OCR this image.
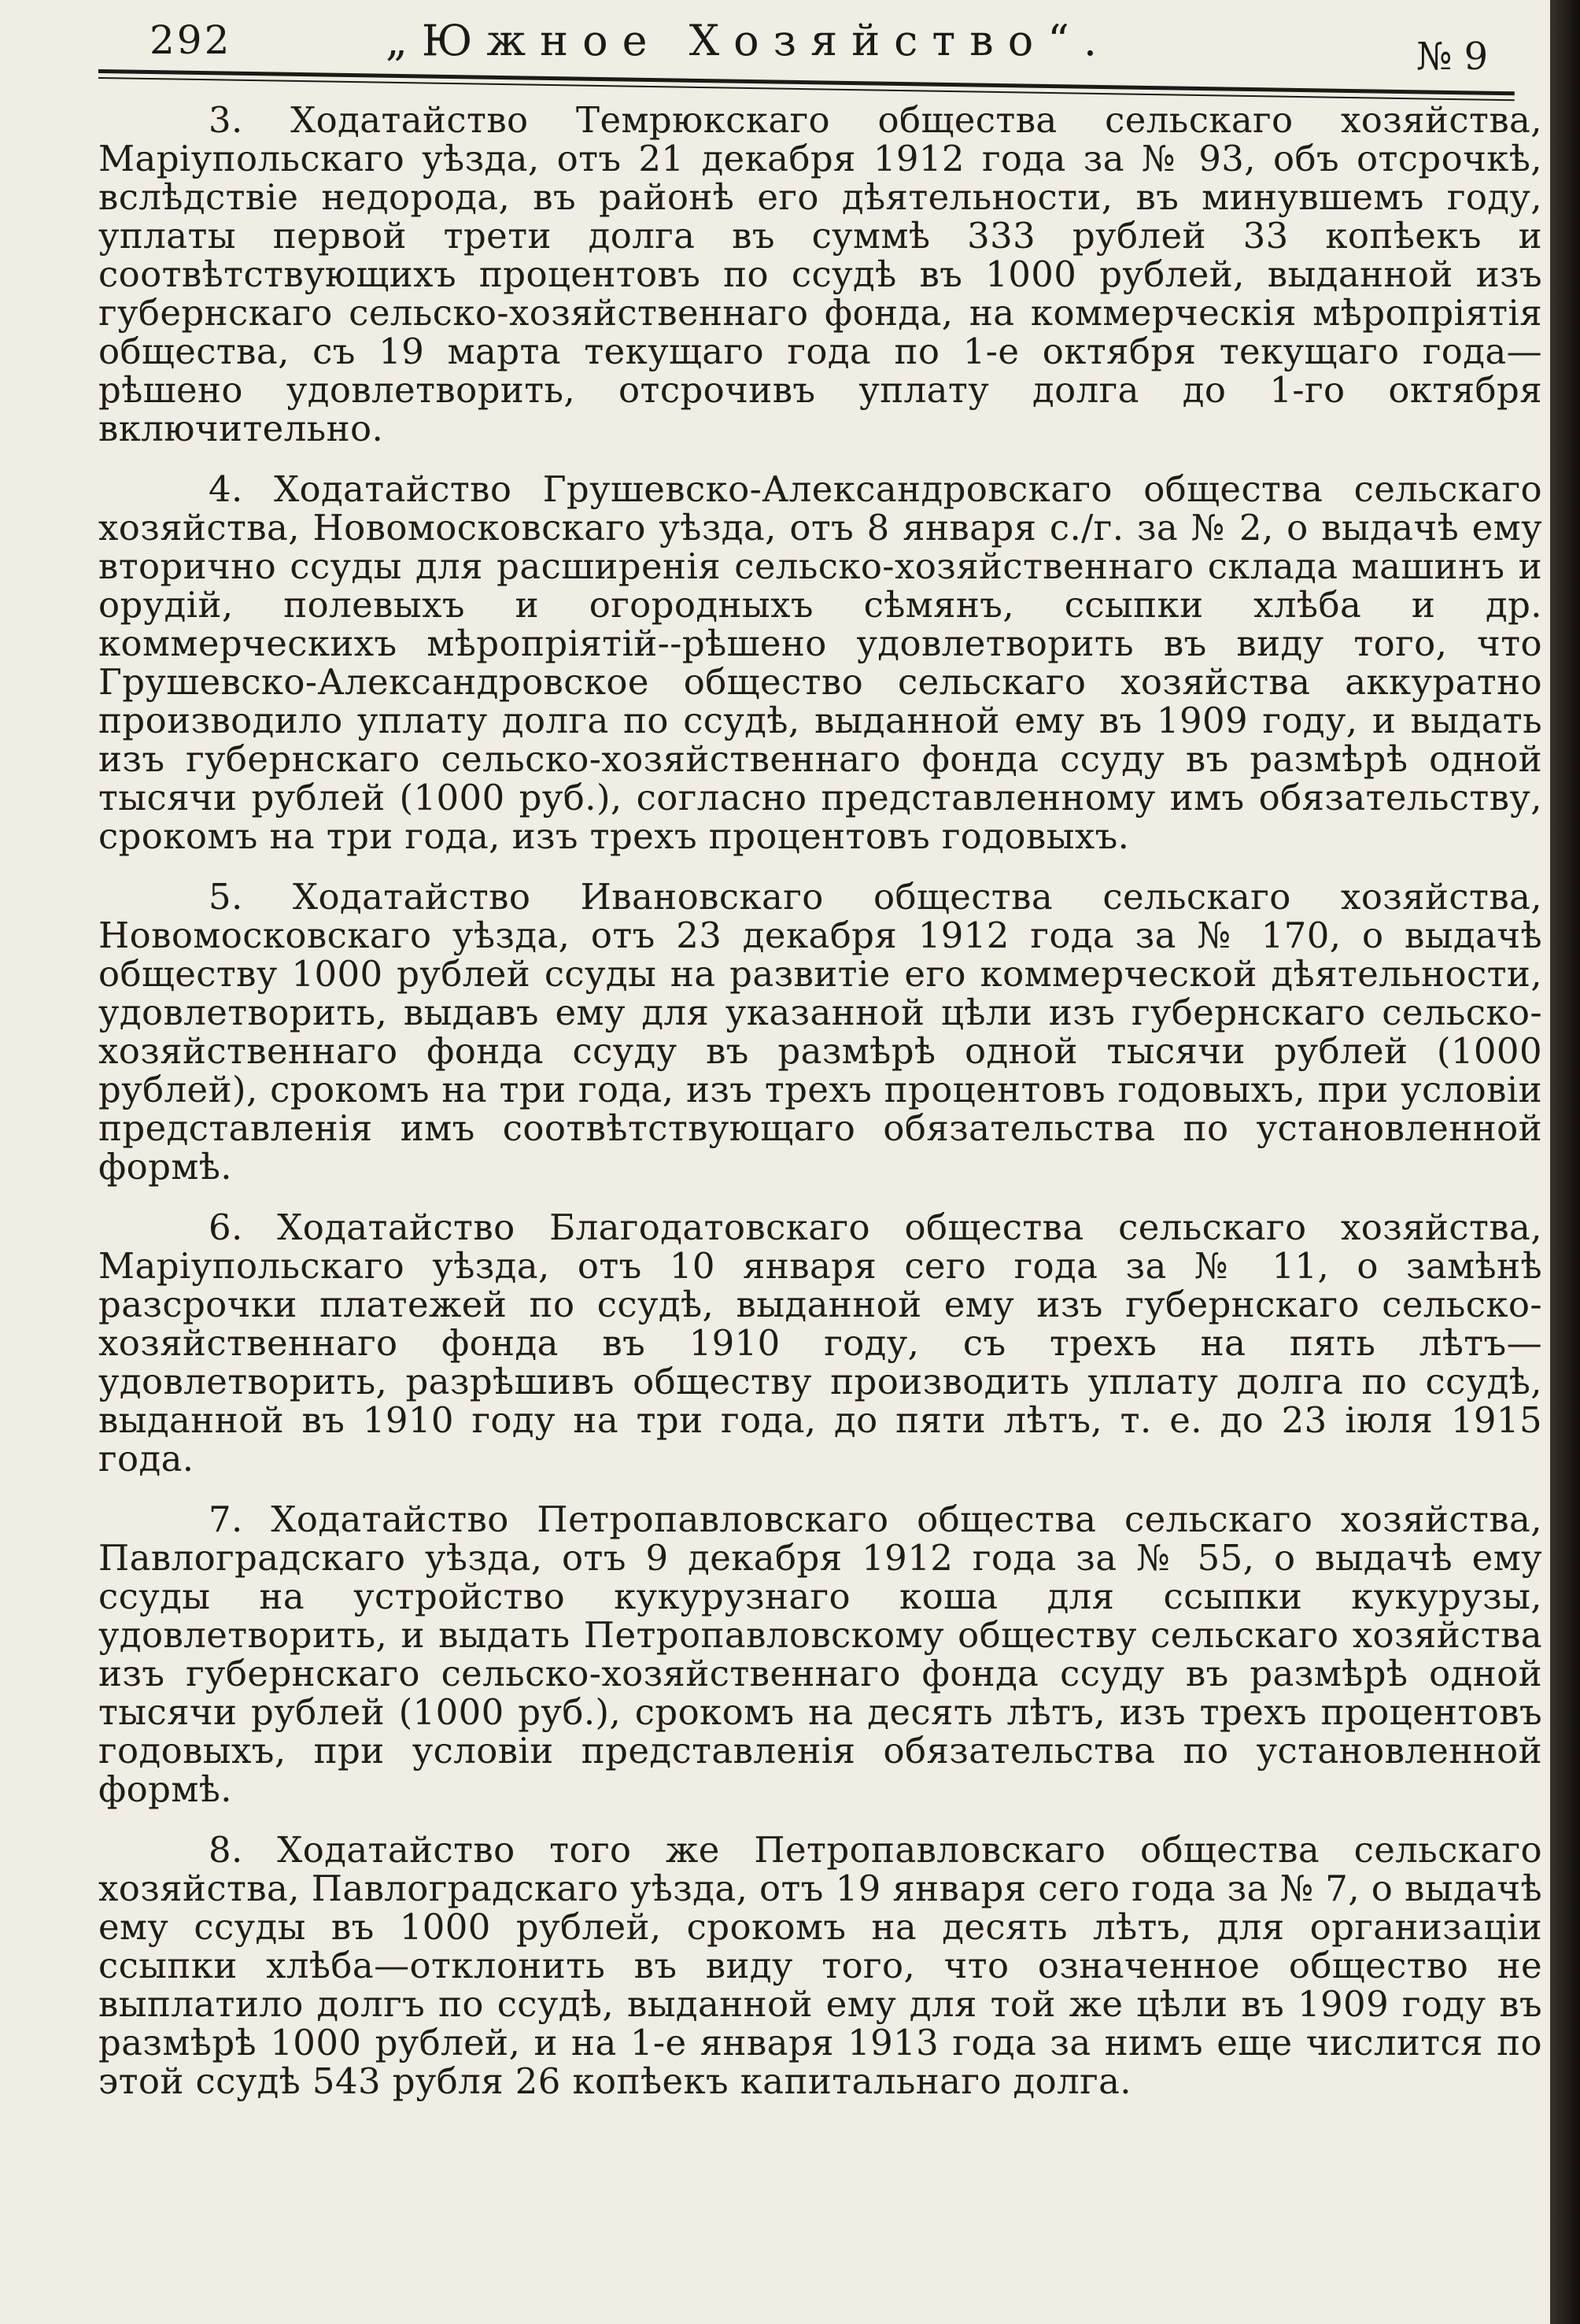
292	„Южное Хозяйство“.	№ 9

3. Ходатайство Темрюкскаго общества сельскаго хозяйства, Маріупольскаго уѣзда, отъ 21 декабря 1912 года за № 93, объ отсрочкѣ, вслѣдствіе недорода, въ районѣ его дѣятельности, въ минувшемъ году, уплаты первой трети долга въ суммѣ 333 рублей 33 копѣекъ и соотвѣтствующихъ процентовъ по ссудѣ въ 1000 рублей, выданной изъ губернскаго сельско-хозяйственнаго фонда, на коммерческія мѣропріятія общества, съ 19 марта текущаго года по 1-е октября текущаго года—рѣшено удовлетворить, отсрочивъ уплату долга до 1-го октября включительно.

4. Ходатайство Грушевско-Александровскаго общества сельскаго хозяйства, Новомосковскаго уѣзда, отъ 8 января с./г. за № 2, о выдачѣ ему вторично ссуды для расширенія сельско-хозяйственнаго склада машинъ и орудій, полевыхъ и огородныхъ сѣмянъ, ссыпки хлѣба и др. коммерческихъ мѣропріятій--рѣшено удовлетворить въ виду того, что Грушевско-Александровское общество сельскаго хозяйства аккуратно производило уплату долга по ссудѣ, выданной ему въ 1909 году, и выдать изъ губернскаго сельско-хозяйственнаго фонда ссуду въ размѣрѣ одной тысячи рублей (1000 руб.), согласно представленному имъ обязательству, срокомъ на три года, изъ трехъ процентовъ годовыхъ.

5. Ходатайство Ивановскаго общества сельскаго хозяйства, Новомосковскаго уѣзда, отъ 23 декабря 1912 года за № 170, о выдачѣ обществу 1000 рублей ссуды на развитіе его коммерческой дѣятельности, удовлетворить, выдавъ ему для указанной цѣли изъ губернскаго сельско-хозяйственнаго фонда ссуду въ размѣрѣ одной тысячи рублей (1000 рублей), срокомъ на три года, изъ трехъ процентовъ годовыхъ, при условіи представленія имъ соотвѣтствующаго обязательства по установленной формѣ.

6. Ходатайство Благодатовскаго общества сельскаго хозяйства, Маріупольскаго уѣзда, отъ 10 января сего года за № 11, о замѣнѣ разсрочки платежей по ссудѣ, выданной ему изъ губернскаго сельско-хозяйственнаго фонда въ 1910 году, съ трехъ на пять лѣтъ—удовлетворить, разрѣшивъ обществу производить уплату долга по ссудѣ, выданной въ 1910 году на три года, до пяти лѣтъ, т. е. до 23 іюля 1915 года.

7. Ходатайство Петропавловскаго общества сельскаго хозяйства, Павлоградскаго уѣзда, отъ 9 декабря 1912 года за № 55, о выдачѣ ему ссуды на устройство кукурузнаго коша для ссыпки кукурузы, удовлетворить, и выдать Петропавловскому обществу сельскаго хозяйства изъ губернскаго сельско-хозяйственнаго фонда ссуду въ размѣрѣ одной тысячи рублей (1000 руб.), срокомъ на десять лѣтъ, изъ трехъ процентовъ годовыхъ, при условіи представленія обязательства по установленной формѣ.

8. Ходатайство того же Петропавловскаго общества сельскаго хозяйства, Павлоградскаго уѣзда, отъ 19 января сего года за № 7, о выдачѣ ему ссуды въ 1000 рублей, срокомъ на десять лѣтъ, для организаціи ссыпки хлѣба—отклонить въ виду того, что означенное общество не выплатило долгъ по ссудѣ, выданной ему для той же цѣли въ 1909 году въ размѣрѣ 1000 рублей, и на 1-е января 1913 года за нимъ еще числится по этой ссудѣ 543 рубля 26 копѣекъ капитальнаго долга.
